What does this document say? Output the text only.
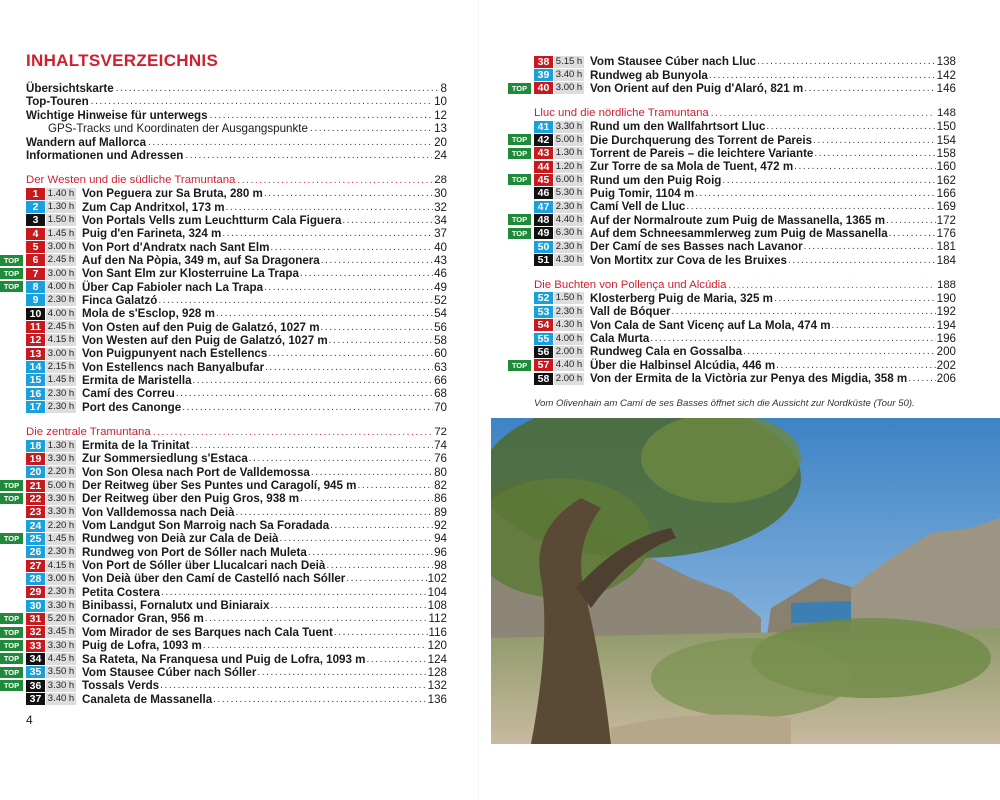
INHALTSVERZEICHNIS
Übersichtskarte .....	8
Top-Touren .....	10
Wichtige Hinweise für unterwegs .....	12
GPS-Tracks und Koordinaten der Ausgangspunkte .....	13
Wandern auf Mallorca .....	20
Informationen und Adressen .....	24
Der Westen und die südliche Tramuntana .....	28
1 1.40 h Von Peguera zur Sa Bruta, 280 m .....	30
2 1.30 h Zum Cap Andritxol, 173 m .....	32
3 1.50 h Von Portals Vells zum Leuchtturm Cala Figuera .....	34
4 1.45 h Puig d'en Farineta, 324 m .....	37
5 3.00 h Von Port d'Andratx nach Sant Elm .....	40
TOP	6 2.45 h Auf den Na Pòpia, 349 m, auf Sa Dragonera .....	43
TOP	7 3.00 h Von Sant Elm zur Klosterruine La Trapa .....	46
TOP	8 4.00 h Über Cap Fabioler nach La Trapa .....	49
9 2.30 h Finca Galatzó .....	52
10 4.00 h Mola de s'Esclop, 928 m .....	54
11 2.45 h Von Osten auf den Puig de Galatzó, 1027 m .....	56
12 4.15 h Von Westen auf den Puig de Galatzó, 1027 m .....	58
13 3.00 h Von Puigpunyent nach Estellencs .....	60
14 2.15 h Von Estellencs nach Banyalbufar .....	63
15 1.45 h Ermita de Maristella .....	66
16 2.30 h Camí des Correu .....	68
17 2.30 h Port des Canonge .....	70
Die zentrale Tramuntana .....	72
18 1.30 h Ermita de la Trinitat .....	74
19 3.30 h Zur Sommersiedlung s'Estaca .....	76
20 2.20 h Von Son Olesa nach Port de Valldemossa .....	80
TOP	21 5.00 h Der Reitweg über Ses Puntes und Caragolí, 945 m .....	82
TOP	22 3.30 h Der Reitweg über den Puig Gros, 938 m .....	86
23 3.30 h Von Valldemossa nach Deià .....	89
24 2.20 h Vom Landgut Son Marroig nach Sa Foradada .....	92
TOP	25 1.45 h Rundweg von Deià zur Cala de Deià .....	94
26 2.30 h Rundweg von Port de Sóller nach Muleta .....	96
27 4.15 h Von Port de Sóller über Llucalcari nach Deià .....	98
28 3.00 h Von Deià über den Camí de Castelló nach Sóller .....	102
29 2.30 h Petita Costera .....	104
30 3.30 h Binibassi, Fornalutx und Biniaraix .....	108
TOP	31 5.20 h Cornador Gran, 956 m .....	112
TOP	32 3.45 h Vom Mirador de ses Barques nach Cala Tuent .....	116
TOP	33 3.30 h Puig de Lofra, 1093 m .....	120
TOP	34 4.45 h Sa Rateta, Na Franquesa und Puig de Lofra, 1093 m .....	124
TOP	35 3.50 h Vom Stausee Cúber nach Sóller .....	128
TOP	36 3.30 h Tossals Verds .....	132
37 3.40 h Canaleta de Massanella .....	136
38 5.15 h Vom Stausee Cúber nach Lluc .....	138
39 3.40 h Rundweg ab Bunyola .....	142
TOP	40 3.00 h Von Orient auf den Puig d'Alaró, 821 m .....	146
Lluc und die nördliche Tramuntana .....	148
41 3.30 h Rund um den Wallfahrtsort Lluc .....	150
TOP	42 5.00 h Die Durchquerung des Torrent de Pareis .....	154
TOP	43 1.30 h Torrent de Pareis – die leichtere Variante .....	158
44 1.20 h Zur Torre de sa Mola de Tuent, 472 m .....	160
TOP	45 6.00 h Rund um den Puig Roig .....	162
46 5.30 h Puig Tomir, 1104 m .....	166
47 2.30 h Camí Vell de Lluc .....	169
TOP	48 4.40 h Auf der Normalroute zum Puig de Massanella, 1365 m .....	172
TOP	49 6.30 h Auf dem Schneesammlerweg zum Puig de Massanella .....	176
50 2.30 h Der Camí de ses Basses nach Lavanor .....	181
51 4.30 h Von Mortitx zur Cova de les Bruixes .....	184
Die Buchten von Pollença und Alcúdia .....	188
52 1.50 h Klosterberg Puig de Maria, 325 m .....	190
53 2.30 h Vall de Bóquer .....	192
54 4.30 h Von Cala de Sant Vicenç auf La Mola, 474 m .....	194
55 4.00 h Cala Murta .....	196
56 2.00 h Rundweg Cala en Gossalba .....	200
TOP	57 4.40 h Über die Halbinsel Alcúdia, 446 m .....	202
58 2.00 h Von der Ermita de la Victòria zur Penya des Migdia, 358 m .....	206
Vom Olivenhain am Camí de ses Basses öffnet sich die Aussicht zur Nordküste (Tour 50).
4
